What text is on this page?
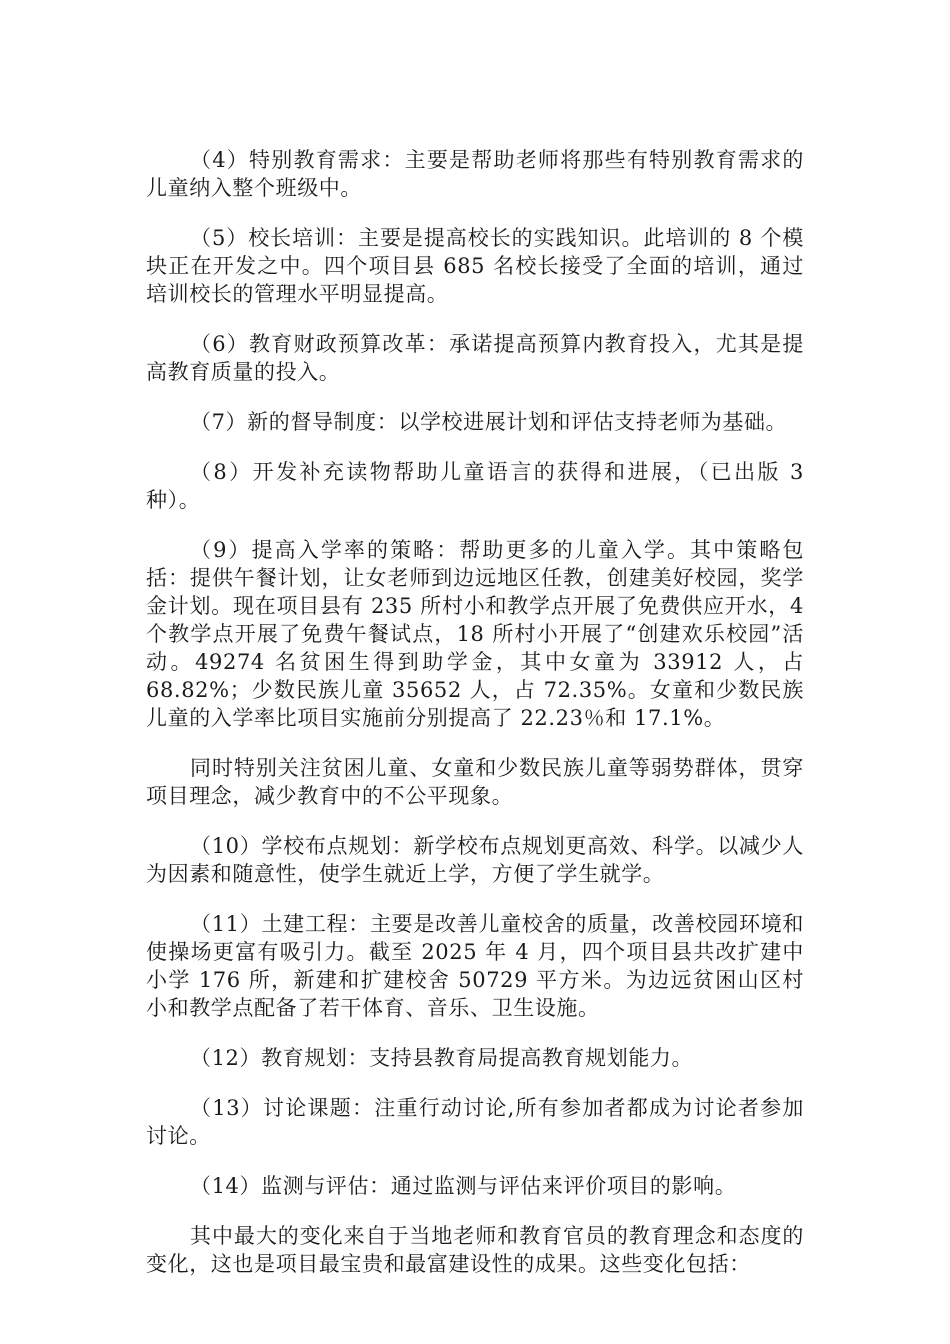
（4）特别教育需求：主要是帮助老师将那些有特别教育需求的儿童纳入整个班级中。

（5）校长培训：主要是提高校长的实践知识。此培训的 8 个模块正在开发之中。四个项目县 685 名校长接受了全面的培训，通过培训校长的管理水平明显提高。

（6）教育财政预算改革：承诺提高预算内教育投入，尤其是提高教育质量的投入。

（7）新的督导制度：以学校进展计划和评估支持老师为基础。

（8）开发补充读物帮助儿童语言的获得和进展，（已出版 3 种）。

（9）提高入学率的策略：帮助更多的儿童入学。其中策略包括：提供午餐计划，让女老师到边远地区任教，创建美好校园，奖学金计划。现在项目县有 235 所村小和教学点开展了免费供应开水，4 个教学点开展了免费午餐试点，18 所村小开展了“创建欢乐校园”活动。49274 名贫困生得到助学金，其中女童为 33912 人，占 68.82%；少数民族儿童 35652 人，占 72.35%。女童和少数民族儿童的入学率比项目实施前分别提高了 22.23％和 17.1%。

同时特别关注贫困儿童、女童和少数民族儿童等弱势群体，贯穿项目理念，减少教育中的不公平现象。

（10）学校布点规划：新学校布点规划更高效、科学。以减少人为因素和随意性，使学生就近上学，方便了学生就学。

（11）土建工程：主要是改善儿童校舍的质量，改善校园环境和使操场更富有吸引力。截至 2025 年 4 月，四个项目县共改扩建中小学 176 所，新建和扩建校舍 50729 平方米。为边远贫困山区村小和教学点配备了若干体育、音乐、卫生设施。

（12）教育规划：支持县教育局提高教育规划能力。

（13）讨论课题：注重行动讨论,所有参加者都成为讨论者参加讨论。

（14）监测与评估：通过监测与评估来评价项目的影响。

其中最大的变化来自于当地老师和教育官员的教育理念和态度的变化，这也是项目最宝贵和最富建设性的成果。这些变化包括：
